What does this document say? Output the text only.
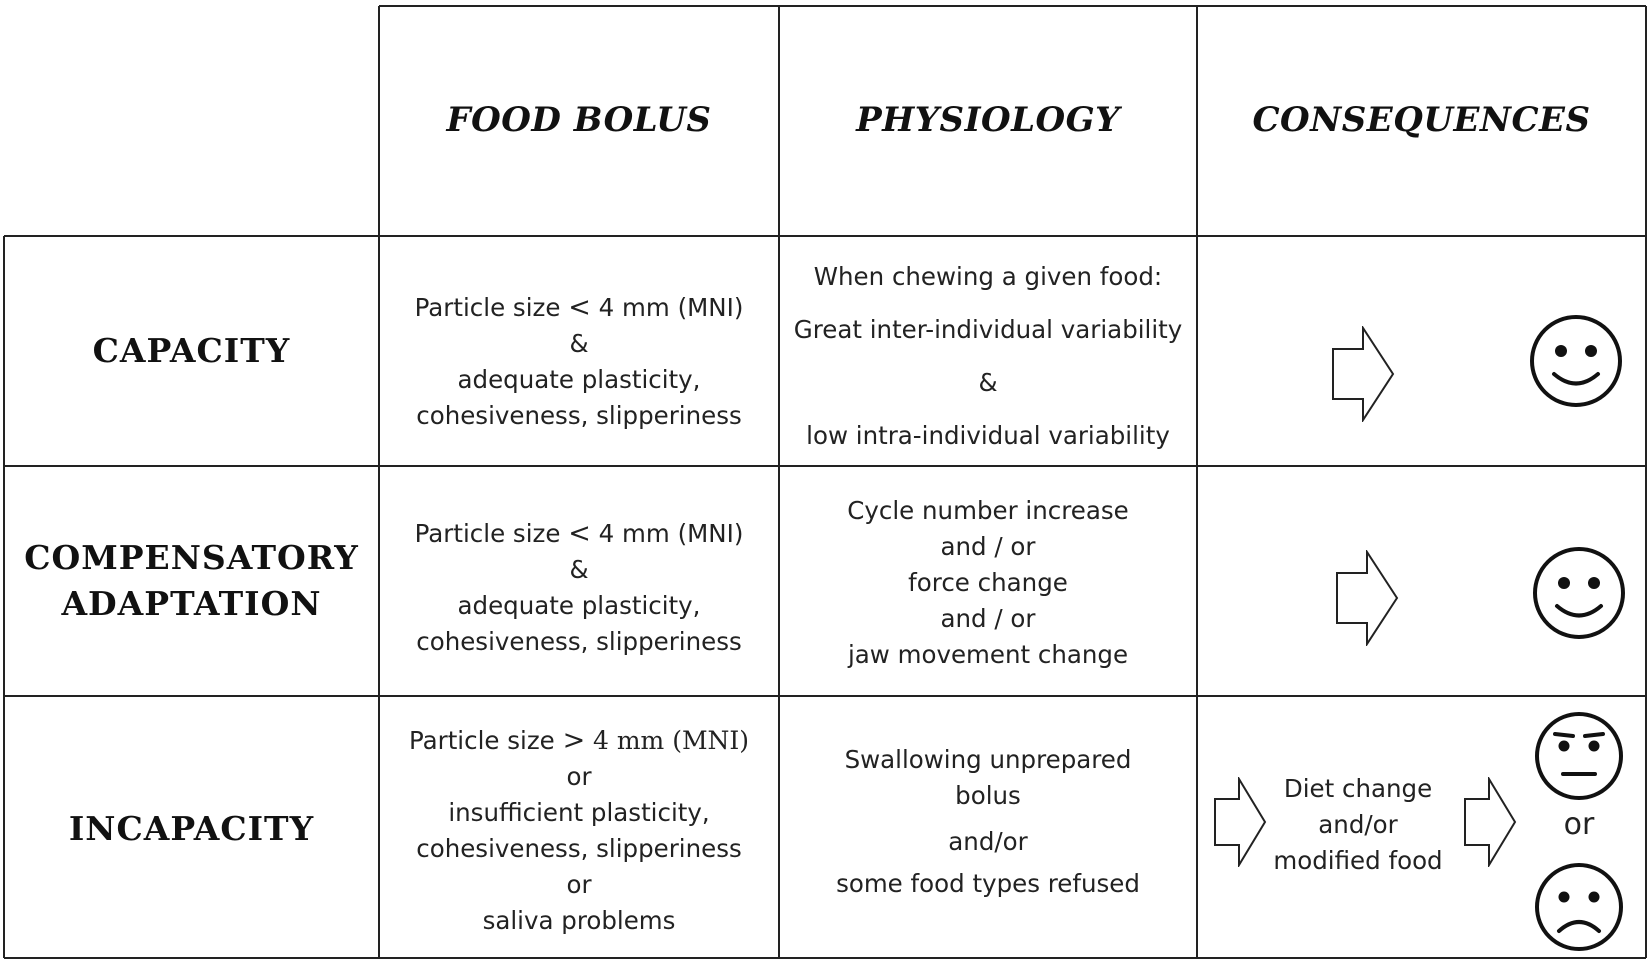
FOOD BOLUS	PHYSIOLOGY	CONSEQUENCES
CAPACITY
Particle size < 4 mm (MNI)
&
adequate plasticity,
cohesiveness, slipperiness
When chewing a given food:
Great inter-individual variability
&
low intra-individual variability
COMPENSATORY
ADAPTATION
Particle size < 4 mm (MNI)
&
adequate plasticity,
cohesiveness, slipperiness
Cycle number increase
and / or
force change
and / or
jaw movement change
INCAPACITY
Particle size > 4 mm (MNI)
or
insufficient plasticity,
cohesiveness, slipperiness
or
saliva problems
Swallowing unprepared
bolus
and/or
some food types refused
Diet change
and/or
modified food
or
